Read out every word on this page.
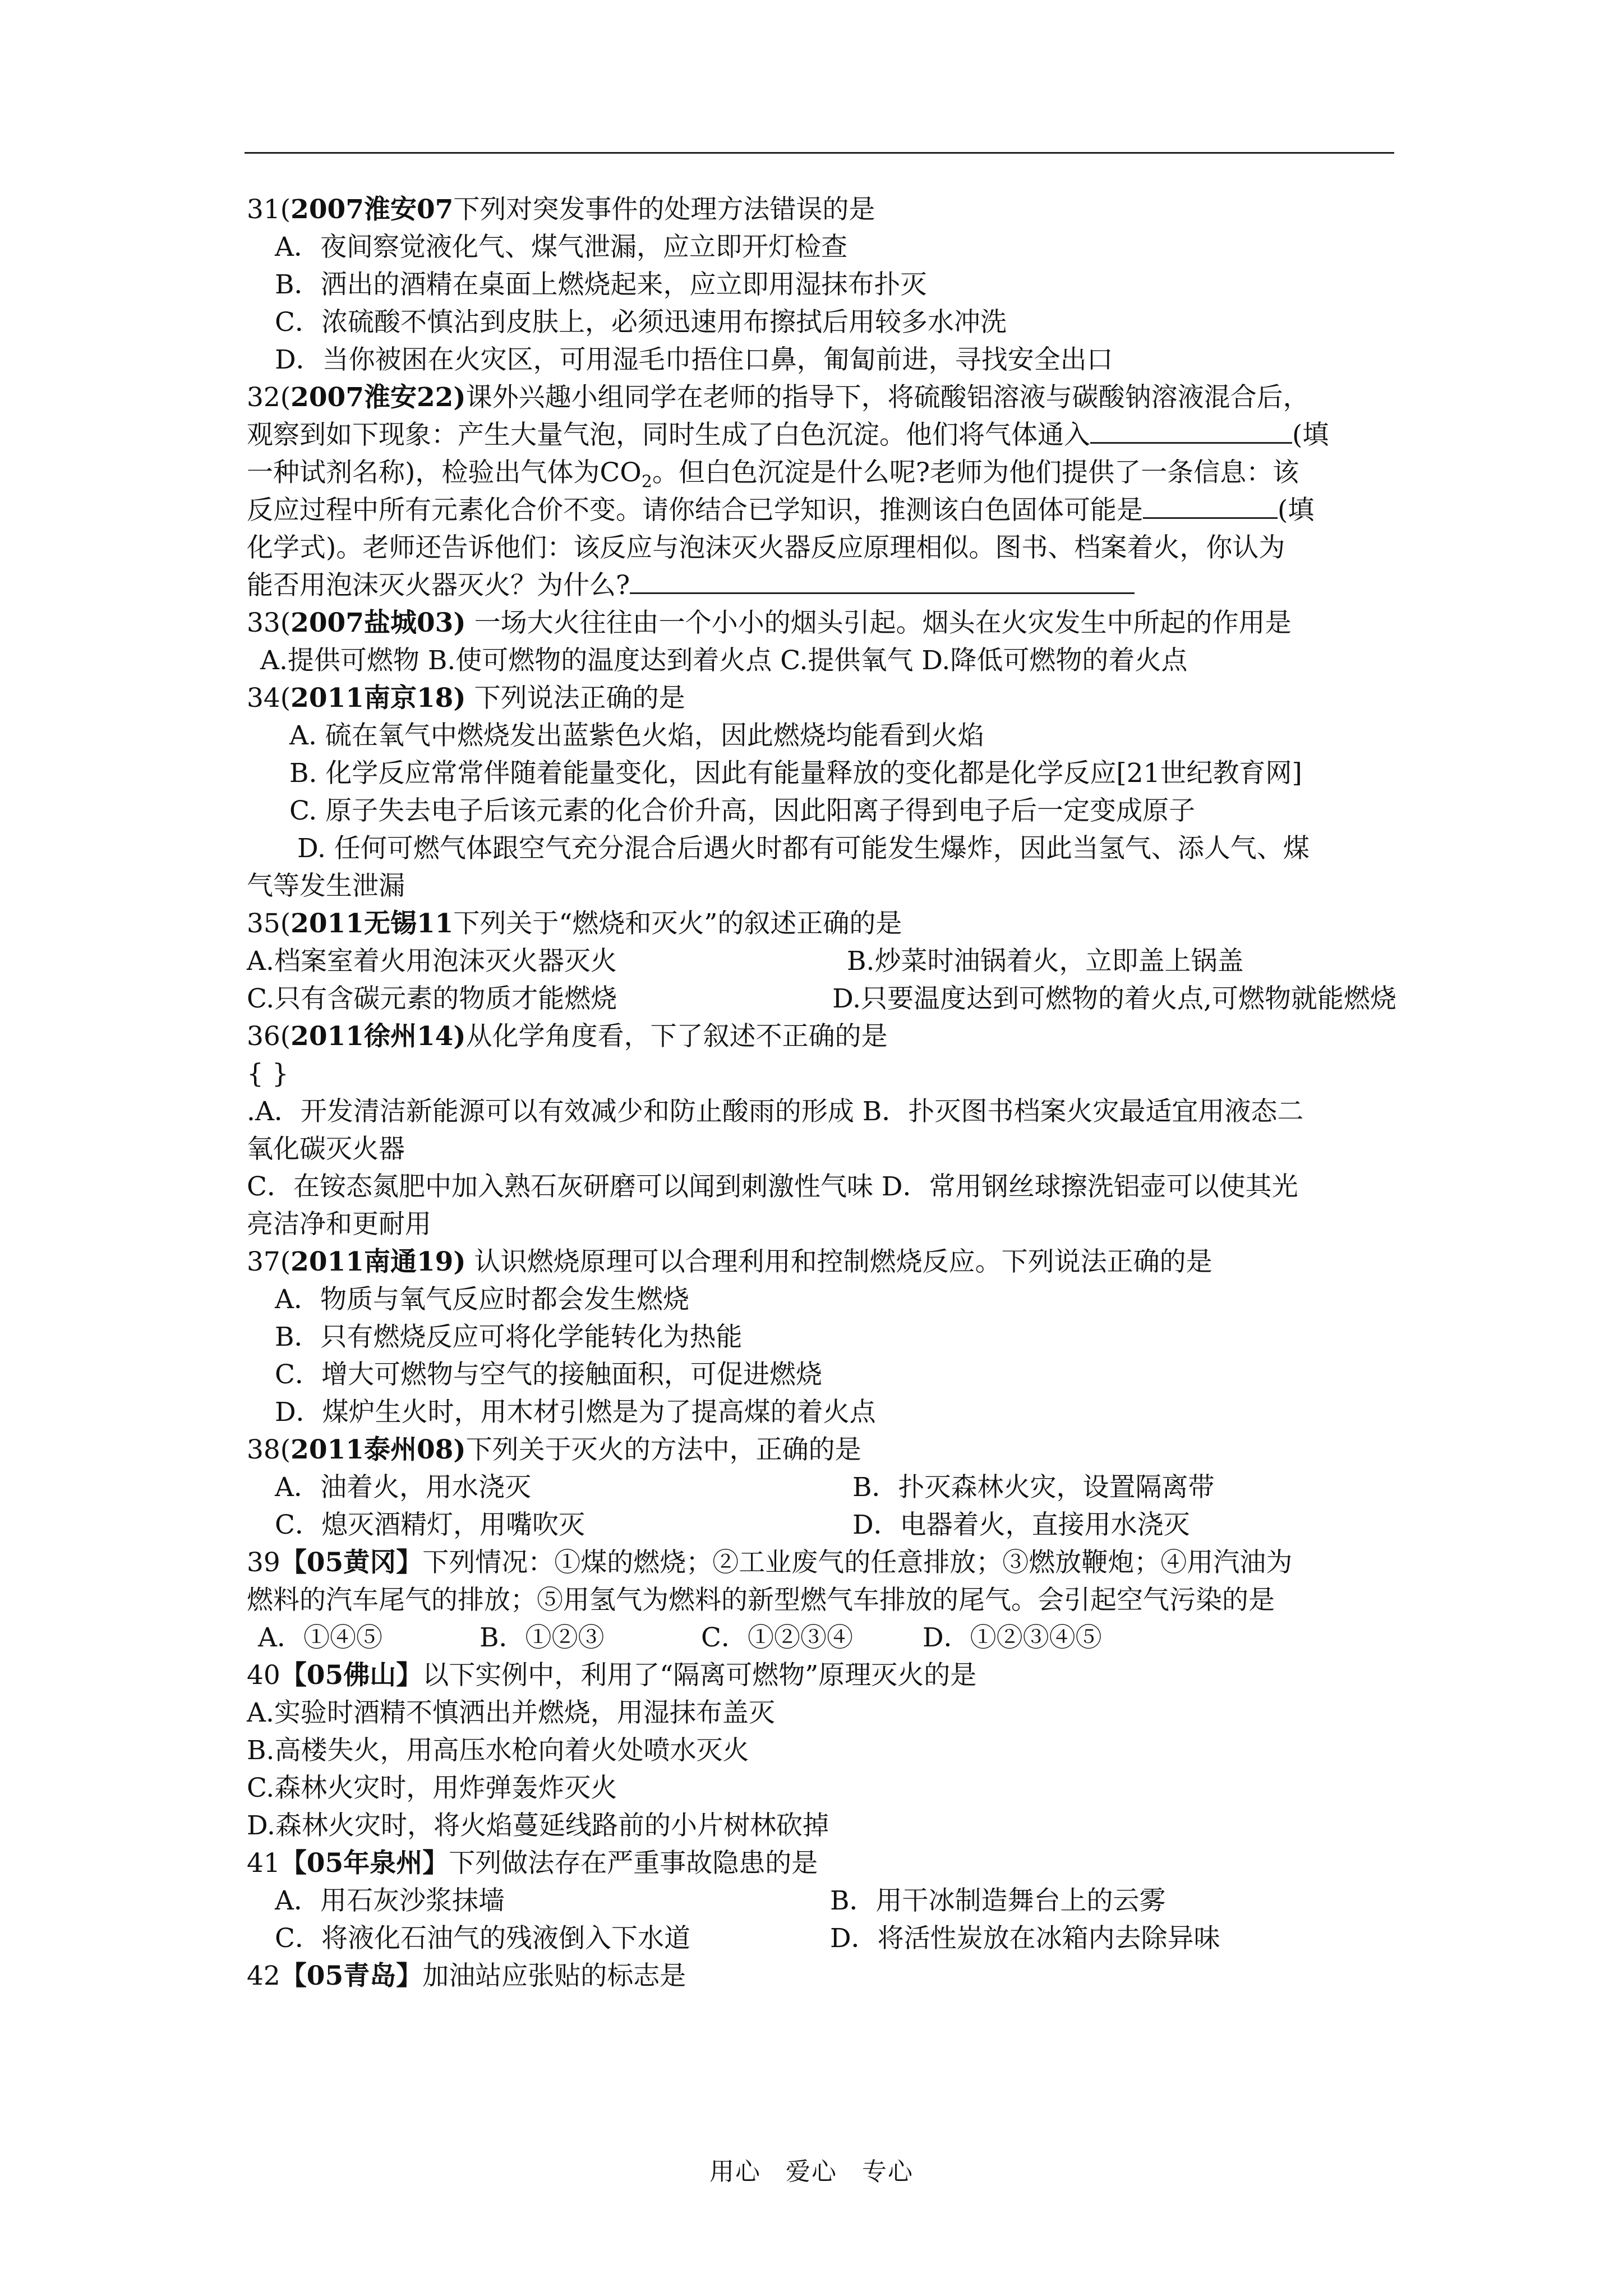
31(2007淮安07下列对突发事件的处理方法错误的是
A．夜间察觉液化气、煤气泄漏，应立即开灯检查
B．洒出的酒精在桌面上燃烧起来，应立即用湿抹布扑灭
C．浓硫酸不慎沾到皮肤上，必须迅速用布擦拭后用较多水冲洗
D．当你被困在火灾区，可用湿毛巾捂住口鼻，匍匐前进，寻找安全出口
32(2007淮安22)课外兴趣小组同学在老师的指导下，将硫酸铝溶液与碳酸钠溶液混合后，
观察到如下现象：产生大量气泡，同时生成了白色沉淀。他们将气体通入	(填
一种试剂名称)，检验出气体为$CO_2$。但白色沉淀是什么呢?老师为他们提供了一条信息：该
反应过程中所有元素化合价不变。请你结合已学知识，推测该白色固体可能是	(填
化学式)。老师还告诉他们：该反应与泡沫灭火器反应原理相似。图书、档案着火，你认为
能否用泡沫灭火器灭火？为什么?
33(2007盐城03) 一场大火往往由一个小小的烟头引起。烟头在火灾发生中所起的作用是
A.提供可燃物 B.使可燃物的温度达到着火点 C.提供氧气 D.降低可燃物的着火点
34(2011南京18) 下列说法正确的是
A. 硫在氧气中燃烧发出蓝紫色火焰，因此燃烧均能看到火焰
B. 化学反应常常伴随着能量变化，因此有能量释放的变化都是化学反应[21世纪教育网]
C. 原子失去电子后该元素的化合价升高，因此阳离子得到电子后一定变成原子
D. 任何可燃气体跟空气充分混合后遇火时都有可能发生爆炸，因此当氢气、添人气、煤
气等发生泄漏
35(2011无锡11下列关于“燃烧和灭火”的叙述正确的是
A.档案室着火用泡沫灭火器灭火	B.炒菜时油锅着火，立即盖上锅盖
C.只有含碳元素的物质才能燃烧	D.只要温度达到可燃物的着火点,可燃物就能燃烧
36(2011徐州14)从化学角度看，下了叙述不正确的是
{ }
.A．开发清洁新能源可以有效减少和防止酸雨的形成 B．扑灭图书档案火灾最适宜用液态二
氧化碳灭火器
C．在铵态氮肥中加入熟石灰研磨可以闻到刺激性气味 D．常用钢丝球擦洗铝壶可以使其光
亮洁净和更耐用
37(2011南通19) 认识燃烧原理可以合理利用和控制燃烧反应。下列说法正确的是
A．物质与氧气反应时都会发生燃烧
B．只有燃烧反应可将化学能转化为热能
C．增大可燃物与空气的接触面积，可促进燃烧
D．煤炉生火时，用木材引燃是为了提高煤的着火点
38(2011泰州08)下列关于灭火的方法中，正确的是
A．油着火，用水浇灭	B．扑灭森林火灾，设置隔离带
C．熄灭酒精灯，用嘴吹灭	D．电器着火，直接用水浇灭
39【05黄冈】下列情况：①煤的燃烧；②工业废气的任意排放；③燃放鞭炮；④用汽油为
燃料的汽车尾气的排放；⑤用氢气为燃料的新型燃气车排放的尾气。会引起空气污染的是
A．①④⑤	B．①②③	C．①②③④	D．①②③④⑤
40【05佛山】以下实例中，利用了“隔离可燃物”原理灭火的是
A.实验时酒精不慎洒出并燃烧，用湿抹布盖灭
B.高楼失火，用高压水枪向着火处喷水灭火
C.森林火灾时，用炸弹轰炸灭火
D.森林火灾时，将火焰蔓延线路前的小片树林砍掉
41【05年泉州】下列做法存在严重事故隐患的是
A．用石灰沙浆抹墙	B．用干冰制造舞台上的云雾
C．将液化石油气的残液倒入下水道	D．将活性炭放在冰箱内去除异味
42【05青岛】加油站应张贴的标志是
用心 爱心 专心
